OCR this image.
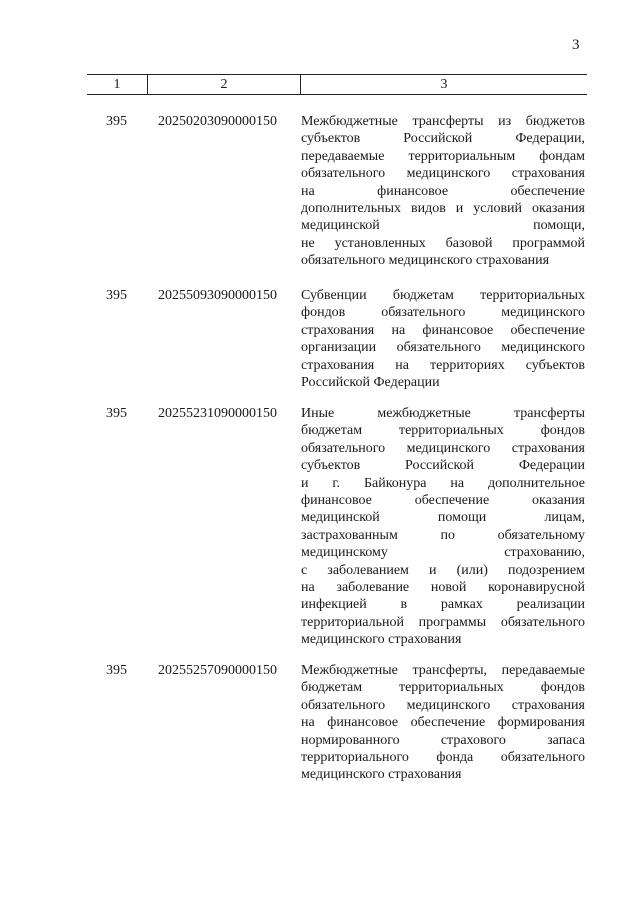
3
1	2	3
395 20250203090000150 Межбюджетные трансферты из бюджетов
субъектов Российской Федерации,
передаваемые территориальным фондам
обязательного медицинского страхования
на финансовое обеспечение
дополнительных видов и условий оказания
медицинской помощи,
не установленных базовой программой
обязательного медицинского страхования
395 20255093090000150 Субвенции бюджетам территориальных
фондов обязательного медицинского
страхования на финансовое обеспечение
организации обязательного медицинского
страхования на территориях субъектов
Российской Федерации
395 20255231090000150 Иные межбюджетные трансферты
бюджетам территориальных фондов
обязательного медицинского страхования
субъектов Российской Федерации
и г. Байконура на дополнительное
финансовое обеспечение оказания
медицинской помощи лицам,
застрахованным по обязательному
медицинскому страхованию,
с заболеванием и (или) подозрением
на заболевание новой коронавирусной
инфекцией в рамках реализации
территориальной программы обязательного
медицинского страхования
395 20255257090000150 Межбюджетные трансферты, передаваемые
бюджетам территориальных фондов
обязательного медицинского страхования
на финансовое обеспечение формирования
нормированного страхового запаса
территориального фонда обязательного
медицинского страхования
